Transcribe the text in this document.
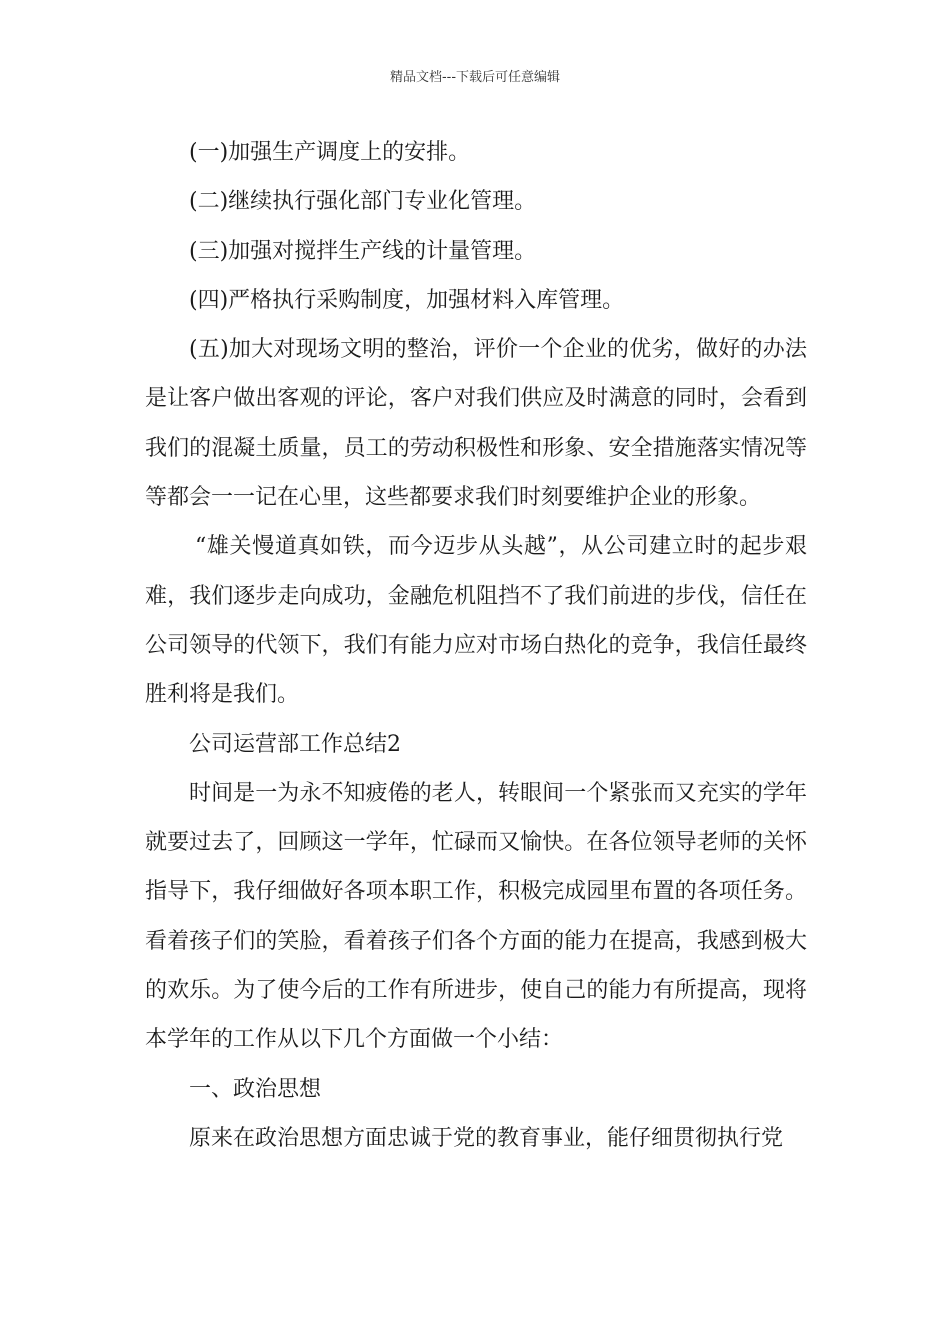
精品文档---下载后可任意编辑

(一)加强生产调度上的安排。

(二)继续执行强化部门专业化管理。

(三)加强对搅拌生产线的计量管理。

(四)严格执行采购制度，加强材料入库管理。

(五)加大对现场文明的整治，评价一个企业的优劣，做好的办法是让客户做出客观的评论，客户对我们供应及时满意的同时，会看到我们的混凝土质量，员工的劳动积极性和形象、安全措施落实情况等等都会一一记在心里，这些都要求我们时刻要维护企业的形象。

“雄关慢道真如铁，而今迈步从头越”，从公司建立时的起步艰难，我们逐步走向成功，金融危机阻挡不了我们前进的步伐，信任在公司领导的代领下，我们有能力应对市场白热化的竞争，我信任最终胜利将是我们。

公司运营部工作总结2

时间是一为永不知疲倦的老人，转眼间一个紧张而又充实的学年就要过去了，回顾这一学年，忙碌而又愉快。在各位领导老师的关怀指导下，我仔细做好各项本职工作，积极完成园里布置的各项任务。看着孩子们的笑脸，看着孩子们各个方面的能力在提高，我感到极大的欢乐。为了使今后的工作有所进步，使自己的能力有所提高，现将本学年的工作从以下几个方面做一个小结：

一、政治思想

原来在政治思想方面忠诚于党的教育事业，能仔细贯彻执行党
